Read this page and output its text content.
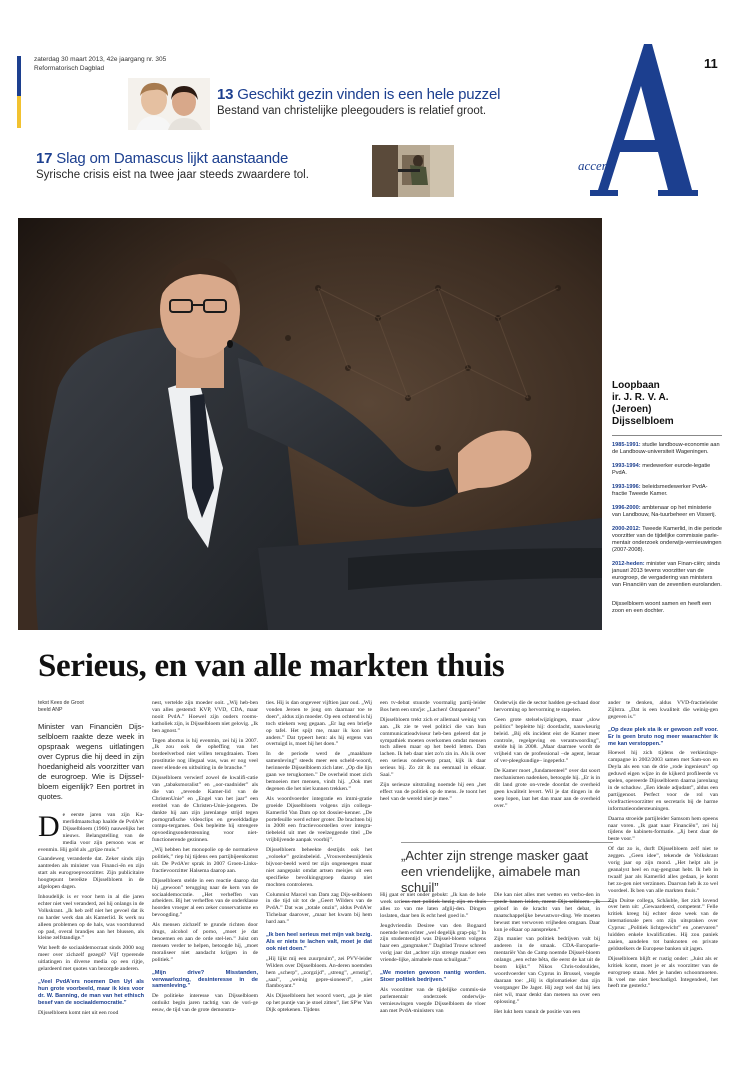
zaterdag 30 maart 2013, 42e jaargang nr. 305
Reformatorisch Dagblad	11
accent
13 Geschikt gezin vinden is een hele puzzel
Bestand van christelijke pleegouders is relatief groot.
17 Slag om Damascus lijkt aanstaande
Syrische crisis eist na twee jaar steeds zwaardere tol.
Loopbaan
ir. J. R. V. A.
(Jeroen)
Dijsselbloem
1985-1991: studie landbouw-economie aan de Landbouw-universiteit Wageningen.
1993-1994: medewerker eurode-legatie PvdA.
1993-1996: beleidsmedewerker PvdA-fractie Tweede Kamer.
1996-2000: ambtenaar op het ministerie van Landbouw, Na-tuurbeheer en Visserij.
2000-2012: Tweede Kamerlid, in die periode voorzitter van de tijdelijke commissie parle-mentair onderzoek onderwijs-vernieuwingen (2007-2008).
2012-heden: minister van Finan-ciën; sinds januari 2013 tevens voorzitter van de eurogroep, de vergadering van ministers van Financiën van de zeventien eurolanden.
Dijsselbloem woont samen en heeft een zoon en een dochter.
Serieus, en van alle markten thuis
tekst Kees de Groot
beeld ANP
Minister van Financiën Dijs-selbloem raakte deze week in opspraak wegens uitlatingen over Cyprus die hij deed in zijn hoedanigheid als voorzitter van de eurogroep. Wie is Dijssel-bloem eigenlijk? Een portret in quotes.
De eerste jaren van zijn Ka-merlidmaatschap haalde de PvdA'er Dijsselbloem (1966) nauwelijks het nieuws. Belangstelling van de media voor zijn persoon was er evenmin. Hij gold als „grijze muis.”
Gaandeweg veranderde dat. Zeker sinds zijn aantreden als minister van Financi-ën en zijn start als eurogroepvoorzitter. Zijn publicitaire hoogtepunt bereikte Dijsselbloem in de afgelopen dagen.
Inhoudelijk is er voor hem in al die jaren echter niet veel veranderd, zei hij onlangs in de Volkskrant. „Ik heb zelf niet het gevoel dat ik nu harder werk dan als Kamerlid. Ik werk nu alleen problemen op de hals, was voortdurend op pad, overal brandjes aan het blussen, als kleine zelfstandige.”
Wat heeft de sociaaldemocraat sinds 2000 nog meer over zichzelf gezegd? Vijf typerende uitlatingen in diverse media op een rijtje, gelardeerd met quotes van bezorgde anderen.
„Veel PvdA'ers noemen Den Uyl als hun grote voorbeeld, maar ik kies voor dr. W. Banning, de man van het ethisch besef van de sociaaldemocratie.”
Dijsselbloem komt niet uit een rood
nest, vertelde zijn moeder ooit. „Wij heb-ben van alles gestemd: KVP, VVD, CDA, maar nooit PvdA.” Hoewel zijn ouders rooms-katholiek zijn, is Dijsselbloem niet gelovig. „Ik ben agnost.”
Tegen abortus is hij evenmin, zei hij in 2007. „Ik zou ook de opheffing van het bordeelverbod niet willen terugdraaien. Toen prostitutie nog illegaal was, was er nog veel meer ellende en uitbuiting in de branche.”
Dijsselbloem verwierf zowel de kwalifi-catie van „tabaksmoralist” en „oor-raadnider” als die van „tevende Kamer-lid van de ChristenUnie” en „Engel van het jaar” een eretitel van de Christen-Unie-jongeren. De dankte hij aan zijn jarenlange strijd tegen pornografische videoclips en gewelddadige compu-tergames. Ook bepleitte hij strengere opvoedingsondersteuning voor niet-functionerende gezinnen.
„Wij hebben het monopolie op de normatieve politiek,” riep hij tijdens een partijbijeenkomst uit. De PvdA'er sprak in 2007 Groen-Links-fractievoorzitter Halsema daarop aan.
Dijsselbloem stelde in een reactie daarop dat hij „gewoon” terugging naar de kern van de sociaaldemocratie. „Het verheffen van arbeiders. Bij het verheffen van de onderklasse hoorden vroeger al een zeker conservatisme en bevoogding.”
Als mensen zichzelf te grunde richten door drugs, alcohol of porno, „moet je dat benoemen en aan de orde stel-len.” Juist om mensen verder te helpen, betoogde hij, „moet moraliseer niet aandacht krijgen in de politiek.”
„Mijn drive? Misstanden, verwaarlozing, desinteresse in de samenleving.”
De politieke interesse van Dijsselbloem ontluikt begin jaren tachtig van de vori-ge eeuw, de tijd van de grote demonstra-
ties. Hij is dan ongeveer vijftien jaar oud. „Wij vonden Jeroen te jong om daarnaar toe te doen”, aldus zijn moeder. Op een ochtend is hij toch stiekem weg gegaan. „Er lag een briefje op tafel. Het spijt me, maar ik kon niet anders.” Dat typeert hem: als hij ergens van overtuigd is, moet hij het doen.”
In de periode werd de „maakbare samenleving” steeds meer een scheld-woord, herinnerde Dijsselbloem zich later. „Op die lijn gaan we terugkomen.” De overheid moet zich bemoeien met mensen, vindt hij. „Ook met degenen die het niet kunnen trekken.”
Als woordvoerder integratie en immi-gratie groeide Dijsselbloem volgens zijn collega-Kamerlid Van Dam op tot dossier-kenner. „De portefeuille werd echter groter. De brachten bij in 2008 een fractievoorstellen over integra-tiebeleid uit met de veelzeggende titel „De vrijblijvende aanpak voorbij”.
Dijsselbloem beheekte destijds ook het „voloeke” gezinsbeleid. „Vrouwenbesnijdenis bijvoor-beeld werd ter zijn ongeneegen maar niet aangepakt omdat artsen meisjes uit een specifieke bevolkingsgroep daarop niet mochten controleren.
Columnist Marcel van Dam zag Dijs-selbloem in die tijd uit tot de „Geert Wilders van de PvdA.” Dat was „totale onzin”, aldus PvdA'er Tichelaar daarover, „maar het kwam bij hem hard aan.”
„Ik ben heel serieus met mijn vak bezig. Als er niets te lachen valt, moet je dat ook niet doen.”
„Hij lijkt mij een zuurpruim”, zei PVV-leider Wilders over Dijsselbloem. An-deren noemden hem „scherp”, „zorgzijd”, „streng”, „ernstig”, „saai”, „weinig gepre-sioneerd”, „niet flamboyant.”
Als Dijsselbloem het woord voert, „ga je niet op het puntje van je stoel zitten”, liet SP'er Van Dijk optekenen. Tijdens
een tv-debat stuurde voormalig partij-leider Bos hem een sms'je: „Lachen! Ontspannen!”
Dijsselbloem trekt zich er allemaal weinig van aan. „Ik zie te veel politici die van hun communicatieadviseur heb-ben geleerd dat je sympathiek moeten overkomen omdat mensen toch alleen maar op het beeld letten. Dan lachen. Ik heb daar niet zo'n zin in. Als ik over een serieus onderwerp praat, kijk ik daar serieus bij. Zo zit ik nu eenmaal in elkaar. Saai.”
Zijn serieuze uitstraling noemde hij een „het effect van de politiek op de mens. Je toont het heel van de wereld niet je mee.”
Onderwijs die de sector hadden ge-schaad door hervorming op hervorming te stapelen.
Geen grote stelselwijzigingen, maar „slow politics” bepleitte hij: doordacht, nauwkeurig beleid. „Bij elk incident eist de Kamer meer controle, regelgeving en verantwoording”, stelde hij in 2008. „Maar daarmee wordt de vrijheid van de professional –de agent, leraar of ver-pleegkundige– ingeperkt.”
De Kamer moet „fundamenteel” over dat soort mechanismen nadenken, betoogde hij. „Er is in dit land grote on-vrede doordat de overheid geen kwaliteit levert. Wil je dat dingen in de soep lopen, laat het dan maar aan de overheid over.”
„Achter zijn strenge masker gaat een vriendelijke, aimabele man schuil”
Hij gaat er niet onder gebukt: „Ik kan de hele week serieus met politiek bezig zijn en thuis alles zo van me laten afglij-den. Dingen loslaten, daar ben ik echt heel goed in.”
Jeugdvriendin Desiree van den Bogaard noemde hem echter „wel degelijk grap-pig.” In zijn studententijd was Dijssel-bloem volgens haar een „gangmaker.” Dagblad Trouw schreef vorig jaar dat „achter zijn strenge masker een vriende-lijke, aimabele man schuilgaat.”
„We moeten gewoon nantig worden. Stoer politiek bedrijven.”
Als voorzitter van de tijdelijke commis-sie parlementair onderzoek onderwijs-vernieuwingen voegde Dijsselbloem de vloer aan met PvdA-ministers van
Die kan niet alles met wetten en verbo-den in goede banen leiden, meent Dijs-selbloem. „Ik geloof in de kracht van het debat, in maatschappelijke bewustwor-ding. We moeten bewust met verwoven vrijheden omgaan. Daar kun je elkaar op aanspreken.”
Zijn manier van politiek bedrijven valt bij anderen in de smaak. CDA-Europarle-mentariër Van de Camp noemde Dijssel-bloem onlangs „een echte bêta, die eerst de kat uit de boom kijkt.” Nikos Chris-todoulides, woordvoerder van Cyprus in Brussel, voegde daaraan toe: „Hij is diplomatieker dan zijn voorganger De Jager. Hij zegt wel dat hij iets niet wil, maar denkt dan meteen na over een oplossing.”
Het lukt hem vanuit de positie van een
ander te denken, aldus VVD-fractieleider Zijlstra. „Dat is een kwaliteit die weinig-gen gegeven is.”
„Op deze plek sta ik er gewoon zelf voor. Er is geen bruto nog meer waarachter ik me kan verstoppen.”
Hoewel hij zich tijdens de verkiezings-campagne in 2002/2003 samen met Sam-son en Deyla als een van de drie „rode ingenieurs” op geduwd eigen wijze in de kijkerd profileerde vs spelen, opereerde Dijsselbloem daarna jarenlang in de schaduw. „Een ideale adjudant”, aldus een partijgenoot. Perfect voor de rol van vicefractievoorzitter en secretaris bij de harme informatieondersteuningen.
Daarna stroeide partijleider Samsom hem opeens naar voren. „Ik gaat naar Financiën”, zei hij tijdens de kabinets-formatie. „Jij bent daar de beste voor.”
Of dat zo is, durft Dijsselbloem zelf niet te zeggen. „Geen idee”, tekende de Volkskrant vorig jaar op zijn mond. „Het helpt als je geanalyst heel en rug-gengraat hebt. Ik heb in twaalf jaar als Kamerlid alles gedaan, je komt het zo-gen niet verzinnen. Daarvan heb ik zo wel voordeel. Ik ben van alle markten thuis.”
Zijn Duitse collega, Schäuble, liet zich lovend over hem uit: „Gewaardeerd, competent.” Felle kritiek kreeg hij echter deze week van de internationale pers om zijn uitspraken over Cyprus: „Politiek lichtgewicht” en „onervaren” luidden enkele kwalificaties. Hij zou paniek zaaien, aandelen tot banknoten en private geldstelkers de Europese banken uit jagen.
Dijsselbloem blijft er rustig onder: „Juist als er kritiek komt, moet je er als voorzitter van de eurogroep staan. Met je handen schoonmoeten. Ik voel me niet beschadigd. Integendeel, het heeft me gesterkt.”
